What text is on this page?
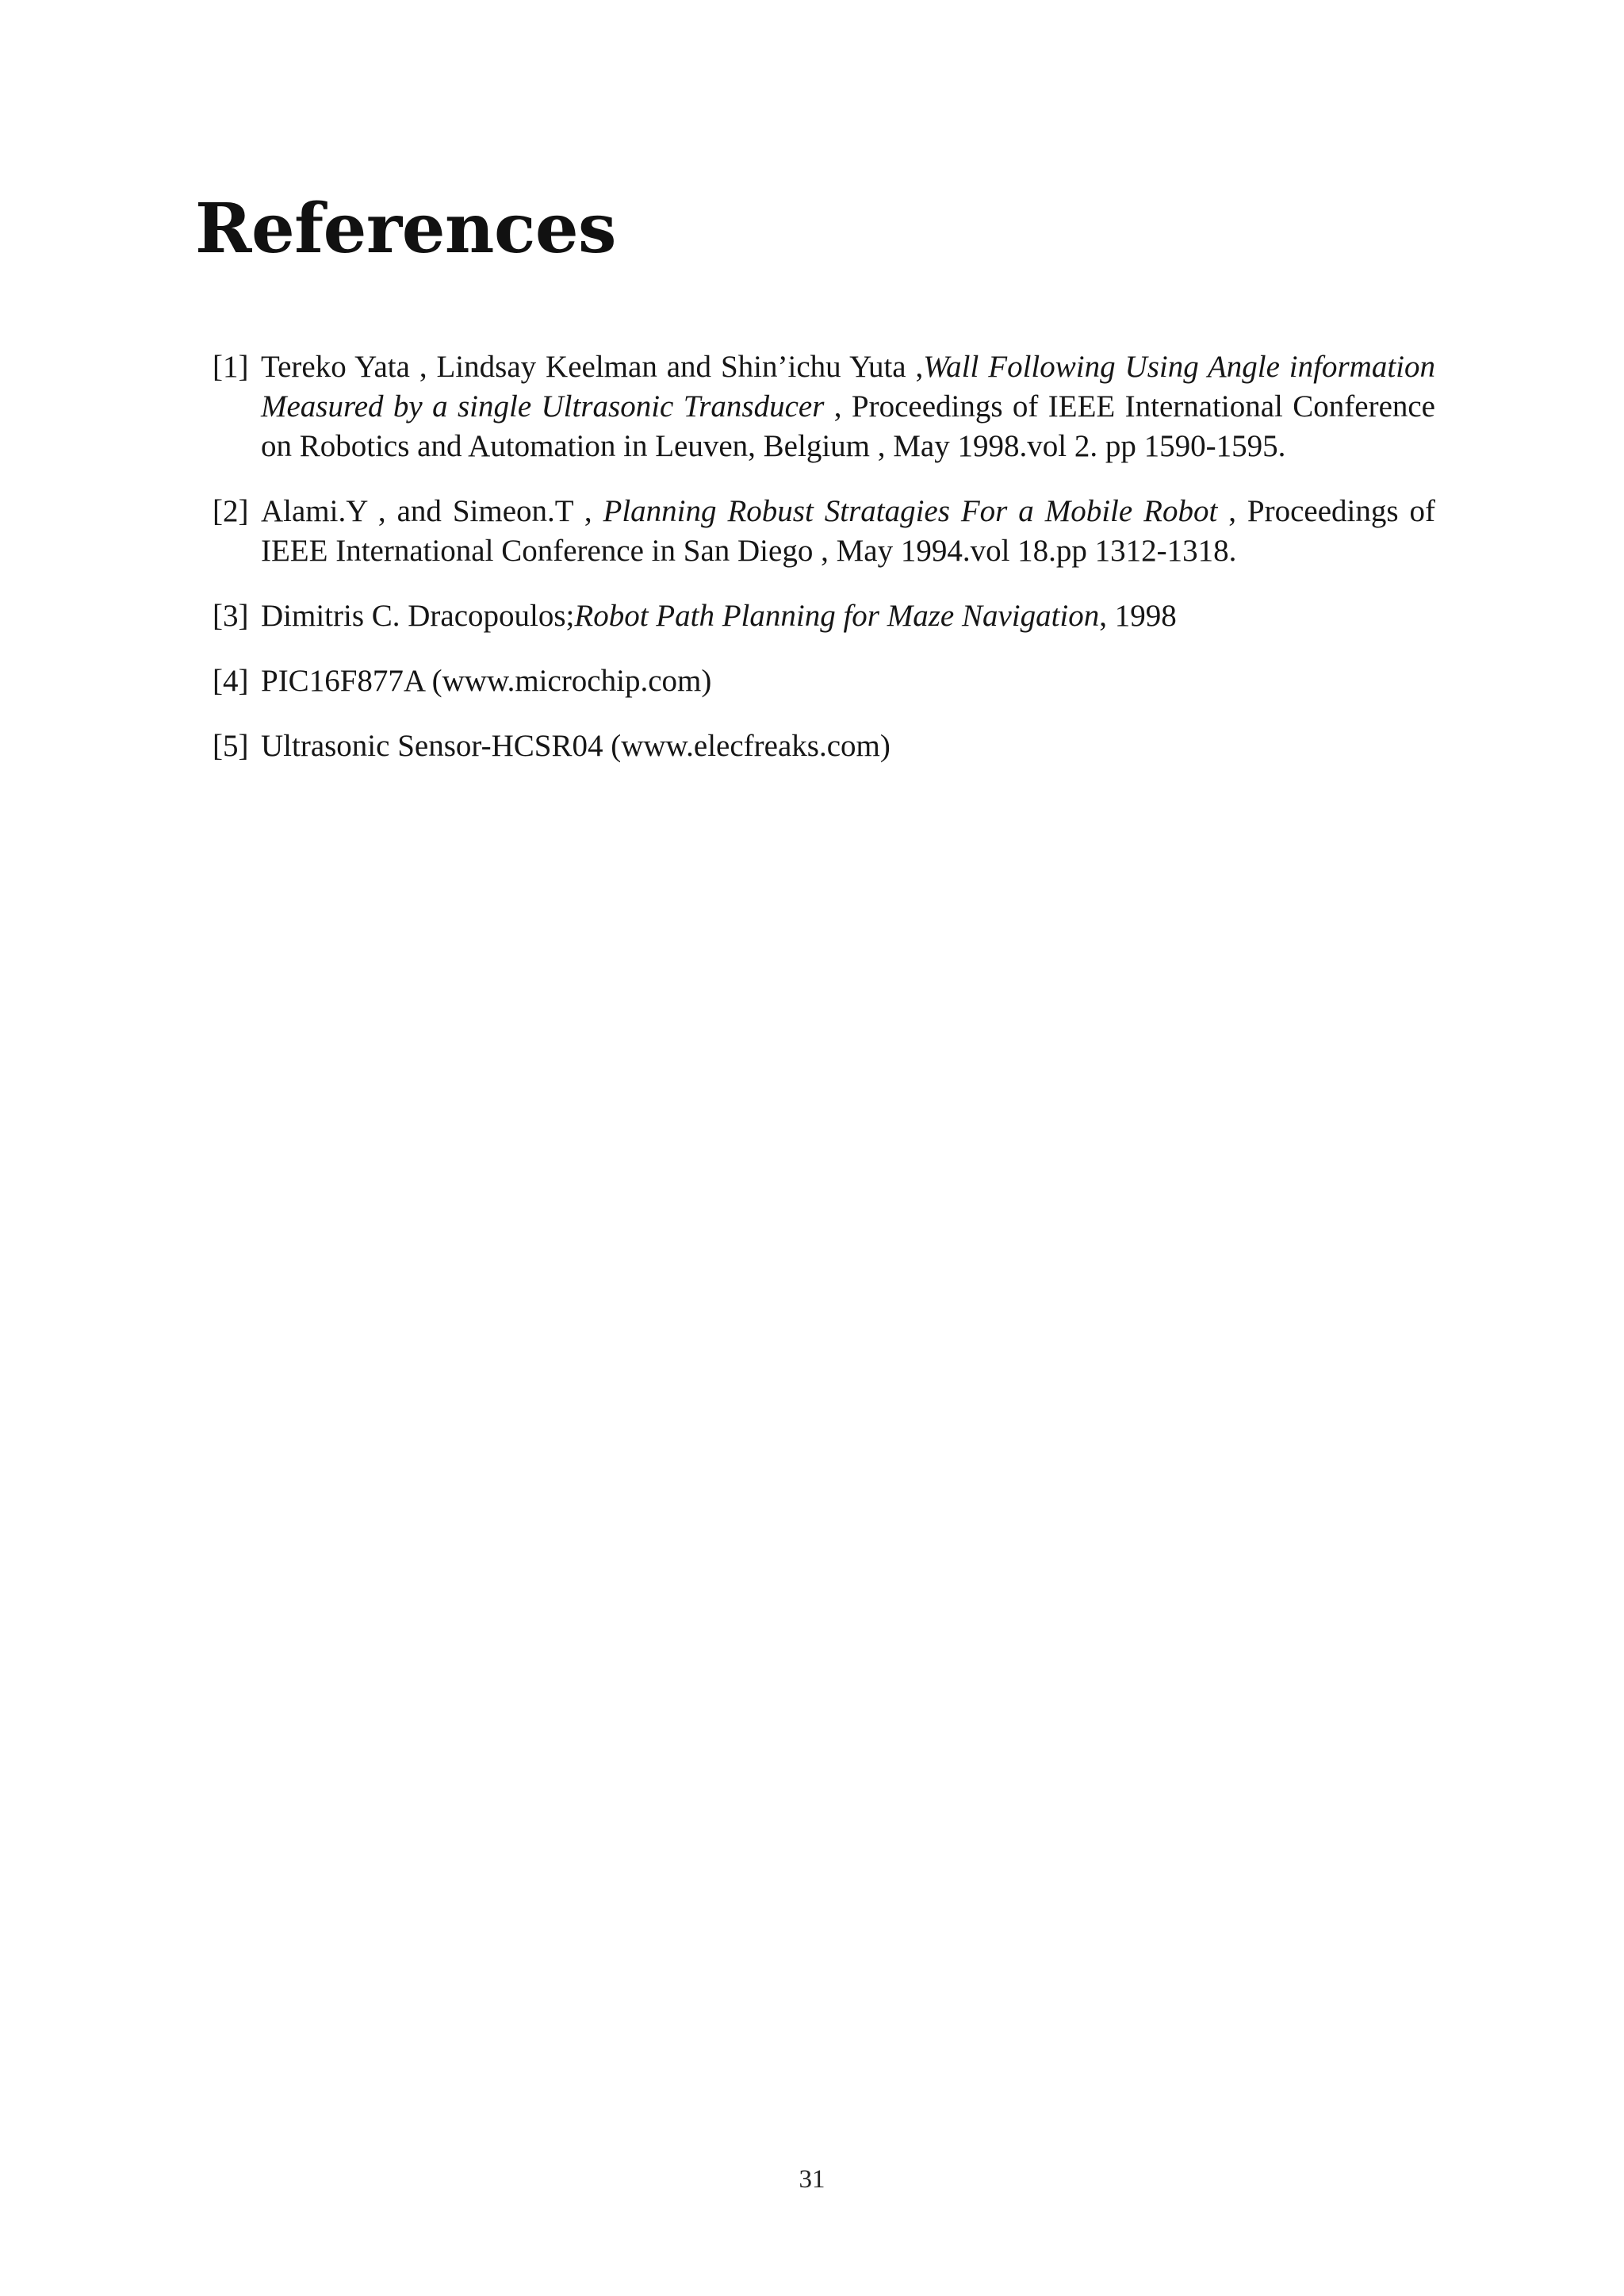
References

[1] Tereko Yata , Lindsay Keelman and Shin’ichu Yuta ,Wall Following Using Angle information Measured by a single Ultrasonic Transducer , Proceedings of IEEE International Conference on Robotics and Automation in Leuven, Belgium , May 1998.vol 2. pp 1590-1595.

[2] Alami.Y , and Simeon.T , Planning Robust Stratagies For a Mobile Robot , Proceedings of IEEE International Conference in San Diego , May 1994.vol 18.pp 1312-1318.

[3] Dimitris C. Dracopoulos;Robot Path Planning for Maze Navigation, 1998

[4] PIC16F877A (www.microchip.com)

[5] Ultrasonic Sensor-HCSR04 (www.elecfreaks.com)

31
